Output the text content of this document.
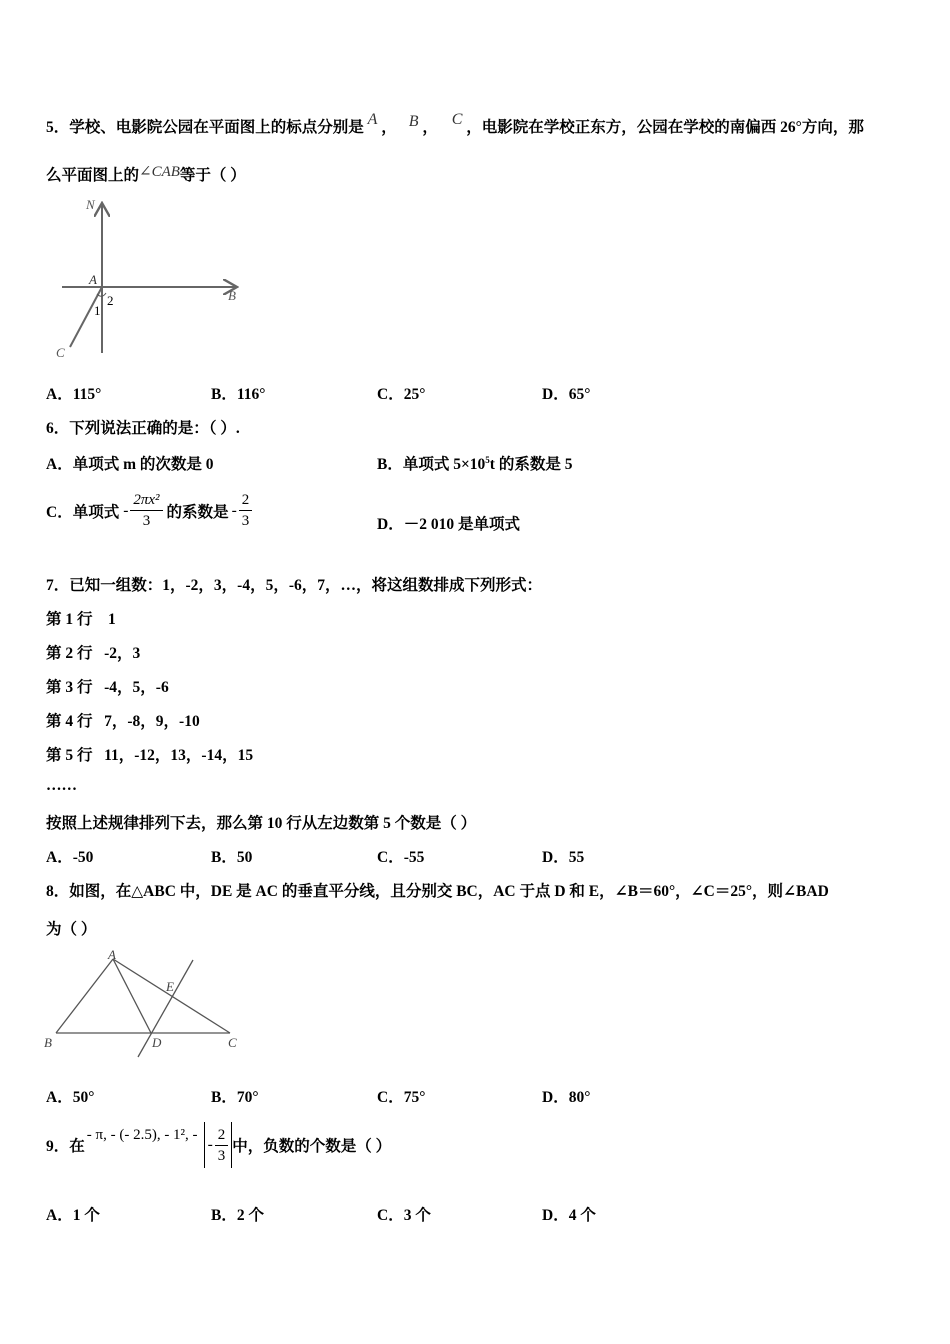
5．学校、电影院公园在平面图上的标点分别是 A ， B ， C ，电影院在学校正东方，公园在学校的南偏西 26°方向，那
么平面图上的∠CAB等于（ ）
N
A
B
C
1
2
A．115°	B．116°	C．25°	D．65°
6．下列说法正确的是：（ ）.
A．单项式 m 的次数是 0	B．单项式 $5\times 10^5t$ 的系数是 5
C．单项式 - $\frac{\text{2πx²}}{3}$ 的系数是 - $\frac{2}{3}$	D．－2 010 是单项式
7．已知一组数：1，-2，3，-4，5，-6，7，…，将这组数排成下列形式：
第 1 行    1
第 2 行   -2，3
第 3 行   -4，5，-6
第 4 行   7，-8，9，-10
第 5 行   11，-12，13，-14，15
……
按照上述规律排列下去，那么第 10 行从左边数第 5 个数是（ ）
A．-50	B．50	C．-55	D．55
8．如图，在△ABC 中，DE 是 AC 的垂直平分线，且分别交 BC，AC 于点 D 和 E，∠B＝60°，∠C＝25°，则∠BAD
为（ ）
A
B	C
D
E
A．50°	B．70°	C．75°	D．80°
9．在
- π, - (- 2.5), - 1², -
- $\frac{2}{3}$ 中，负数的个数是（ ）
A．1 个	B．2 个	C．3 个	D．4 个
